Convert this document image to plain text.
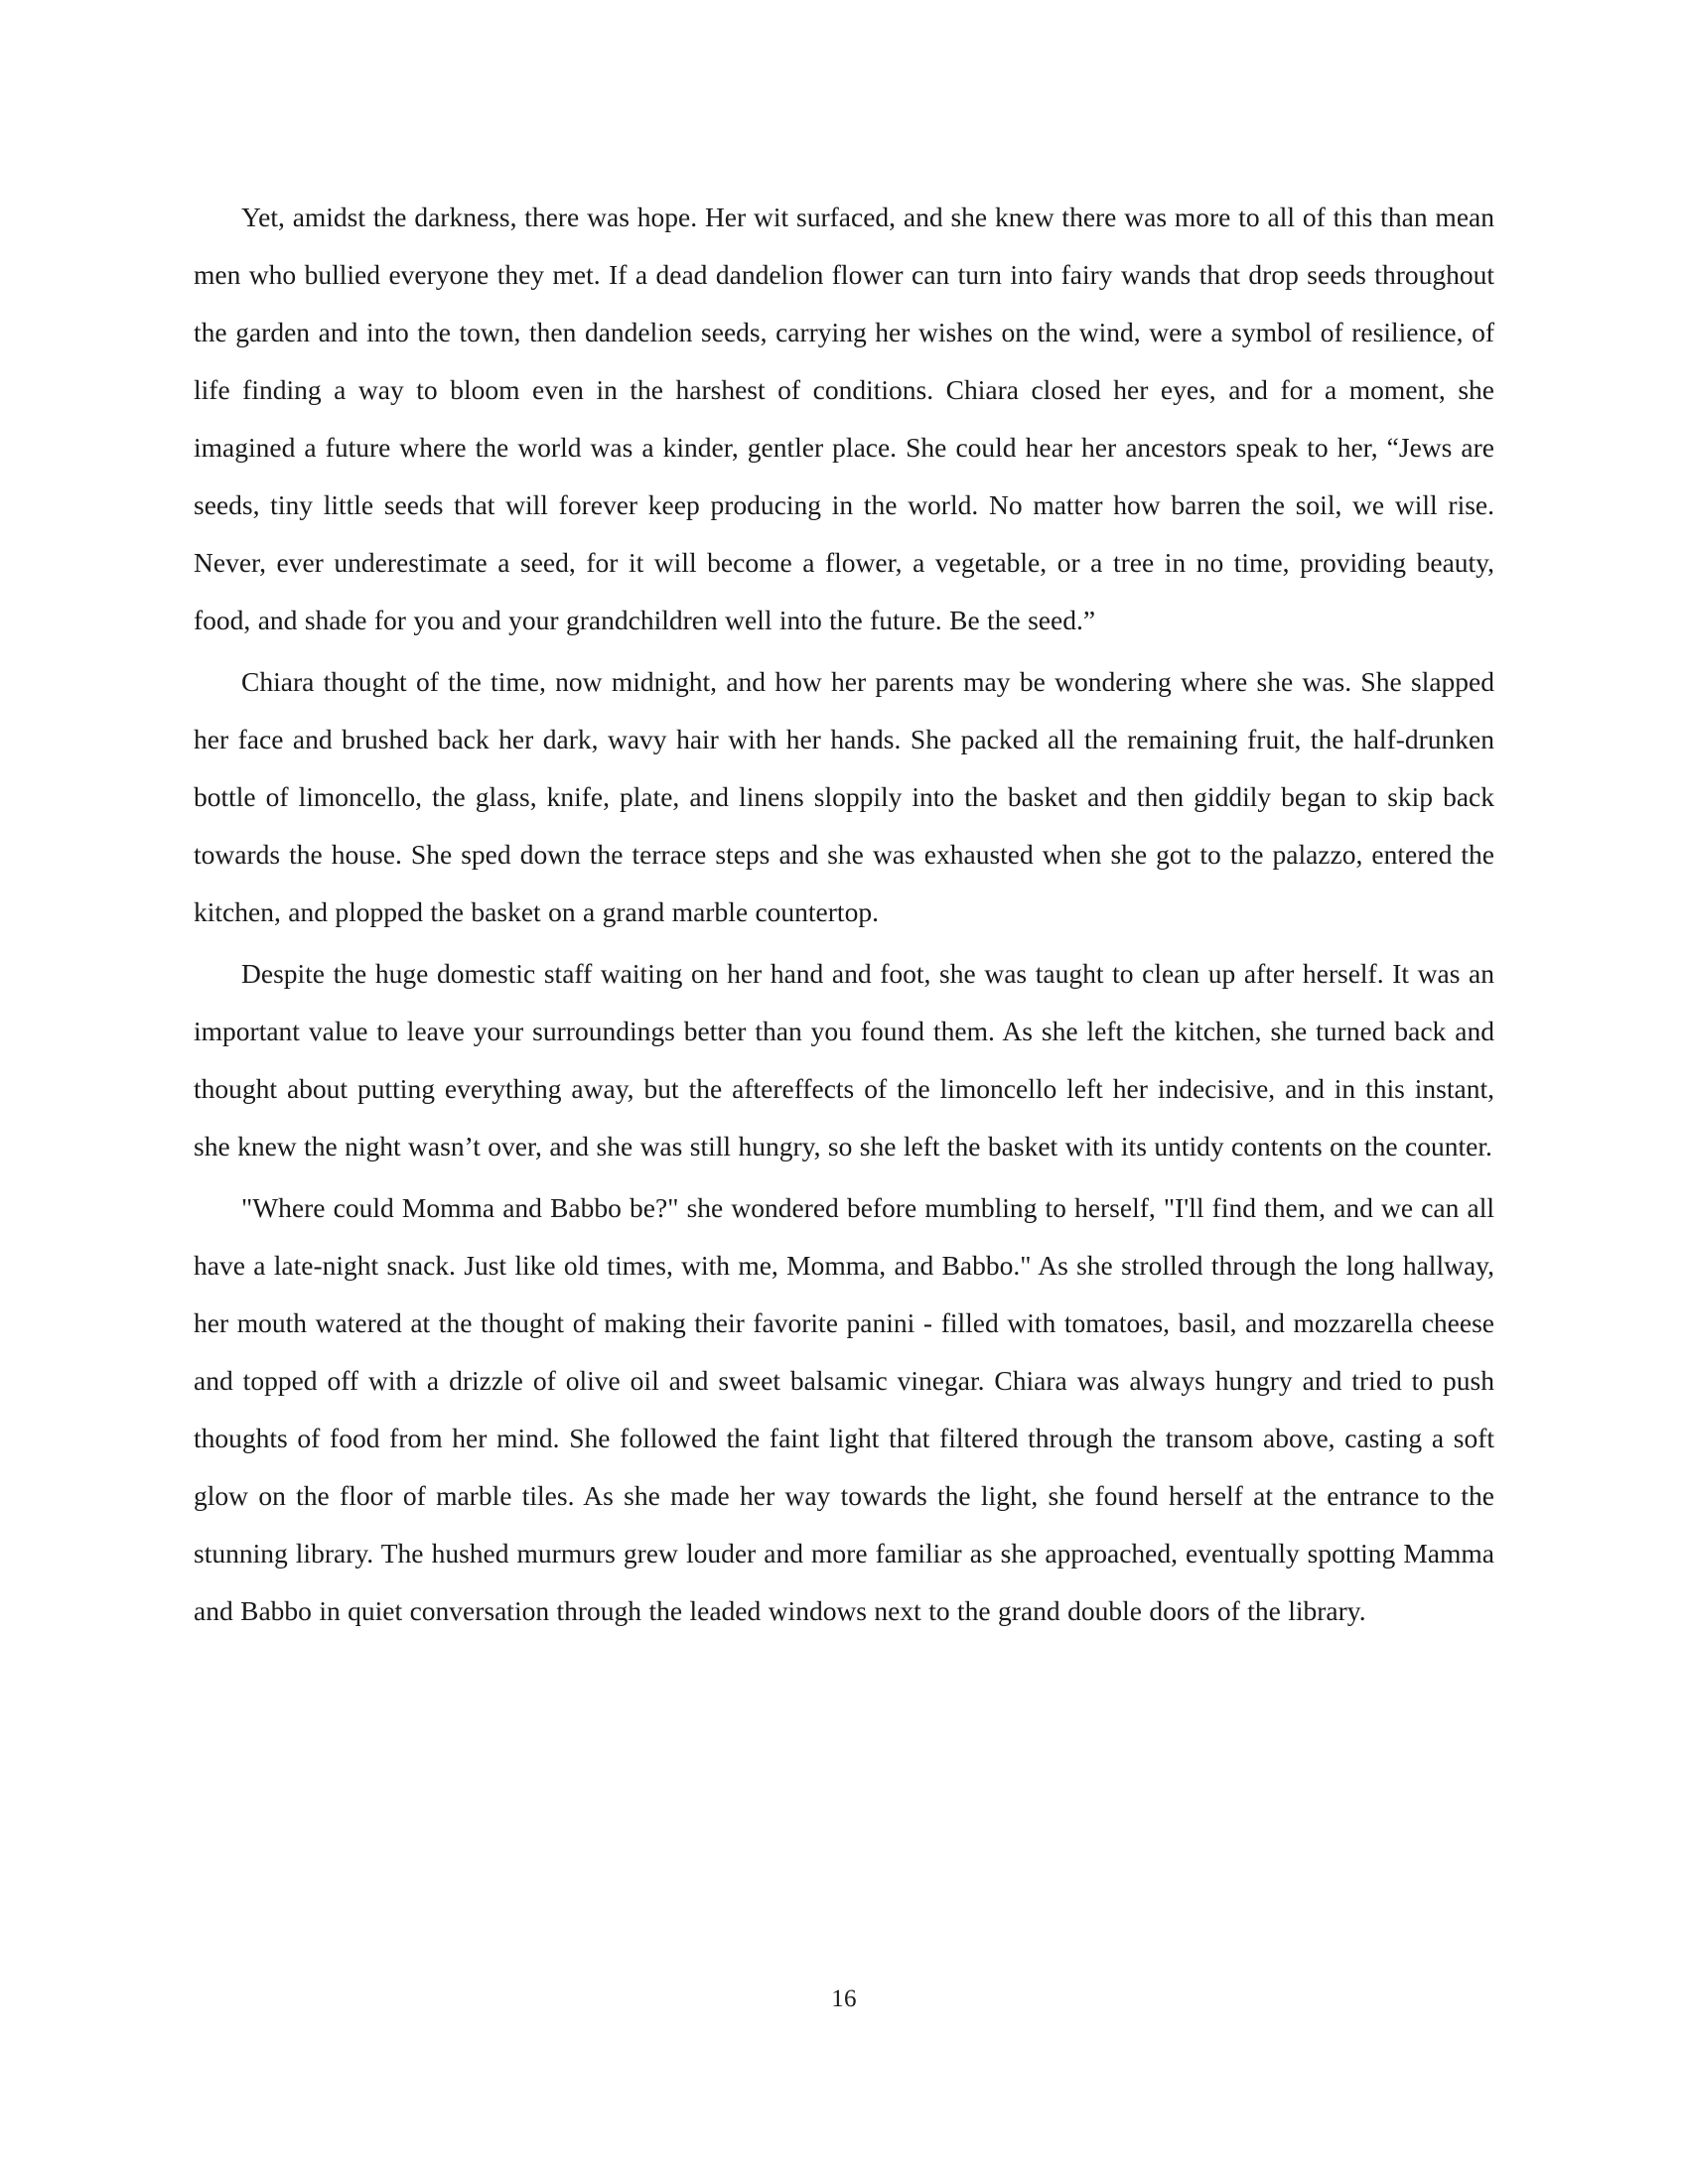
Yet, amidst the darkness, there was hope. Her wit surfaced, and she knew there was more to all of this than mean men who bullied everyone they met. If a dead dandelion flower can turn into fairy wands that drop seeds throughout the garden and into the town, then dandelion seeds, carrying her wishes on the wind, were a symbol of resilience, of life finding a way to bloom even in the harshest of conditions. Chiara closed her eyes, and for a moment, she imagined a future where the world was a kinder, gentler place. She could hear her ancestors speak to her, “Jews are seeds, tiny little seeds that will forever keep producing in the world. No matter how barren the soil, we will rise. Never, ever underestimate a seed, for it will become a flower, a vegetable, or a tree in no time, providing beauty, food, and shade for you and your grandchildren well into the future. Be the seed.”

Chiara thought of the time, now midnight, and how her parents may be wondering where she was. She slapped her face and brushed back her dark, wavy hair with her hands. She packed all the remaining fruit, the half-drunken bottle of limoncello, the glass, knife, plate, and linens sloppily into the basket and then giddily began to skip back towards the house. She sped down the terrace steps and she was exhausted when she got to the palazzo, entered the kitchen, and plopped the basket on a grand marble countertop.

Despite the huge domestic staff waiting on her hand and foot, she was taught to clean up after herself. It was an important value to leave your surroundings better than you found them. As she left the kitchen, she turned back and thought about putting everything away, but the aftereffects of the limoncello left her indecisive, and in this instant, she knew the night wasn’t over, and she was still hungry, so she left the basket with its untidy contents on the counter.

"Where could Momma and Babbo be?" she wondered before mumbling to herself, "I'll find them, and we can all have a late-night snack. Just like old times, with me, Momma, and Babbo." As she strolled through the long hallway, her mouth watered at the thought of making their favorite panini - filled with tomatoes, basil, and mozzarella cheese and topped off with a drizzle of olive oil and sweet balsamic vinegar. Chiara was always hungry and tried to push thoughts of food from her mind. She followed the faint light that filtered through the transom above, casting a soft glow on the floor of marble tiles. As she made her way towards the light, she found herself at the entrance to the stunning library. The hushed murmurs grew louder and more familiar as she approached, eventually spotting Mamma and Babbo in quiet conversation through the leaded windows next to the grand double doors of the library.

16
